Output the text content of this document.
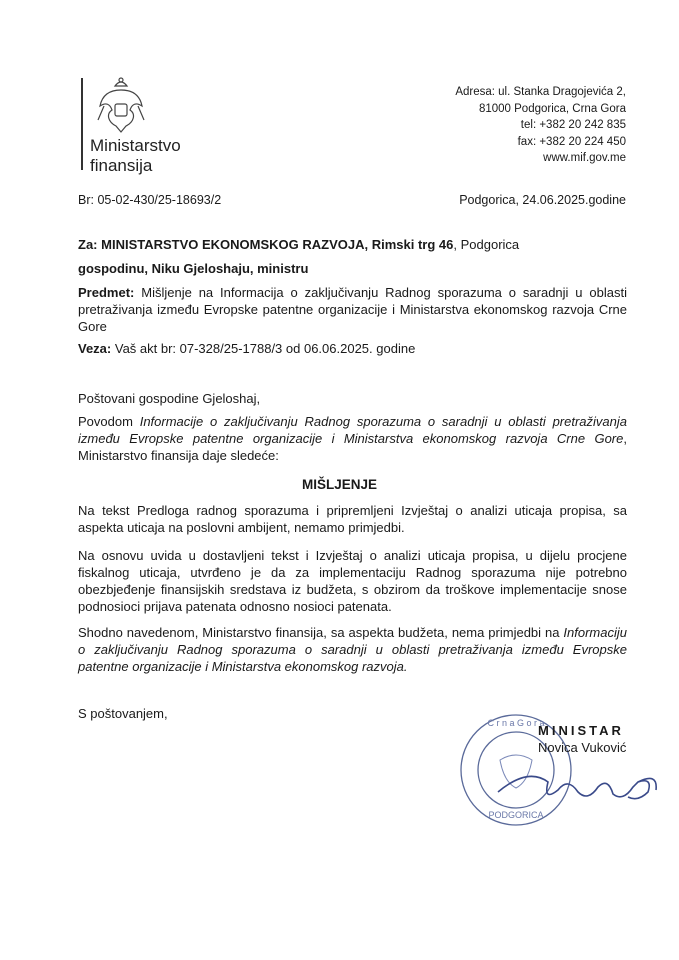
Ministarstvo
finansija
Adresa: ul. Stanka Dragojevića 2,
81000 Podgorica, Crna Gora
tel: +382 20 242 835
fax: +382 20 224 450
www.mif.gov.me
Br: 05-02-430/25-18693/2	Podgorica, 24.06.2025.godine
Za: MINISTARSTVO EKONOMSKOG RAZVOJA, Rimski trg 46, Podgorica
gospodinu, Niku Gjeloshaju, ministru
Predmet: Mišljenje na Informacija o zaključivanju Radnog sporazuma o saradnji u oblasti pretraživanja između Evropske patentne organizacije i Ministarstva ekonomskog razvoja Crne Gore
Veza: Vaš akt br: 07-328/25-1788/3 od 06.06.2025. godine
Poštovani gospodine Gjeloshaj,
Povodom Informacije o zaključivanju Radnog sporazuma o saradnji u oblasti pretraživanja između Evropske patentne organizacije i Ministarstva ekonomskog razvoja Crne Gore, Ministarstvo finansija daje sledeće:
MIŠLJENJE
Na tekst Predloga radnog sporazuma i pripremljeni Izvještaj o analizi uticaja propisa, sa aspekta uticaja na poslovni ambijent, nemamo primjedbi.
Na osnovu uvida u dostavljeni tekst i Izvještaj o analizi uticaja propisa, u dijelu procjene fiskalnog uticaja, utvrđeno je da za implementaciju Radnog sporazuma nije potrebno obezbjeđenje finansijskih sredstava iz budžeta, s obzirom da troškove implementacije snose podnosioci prijava patenata odnosno nosioci patenata.
Shodno navedenom, Ministarstvo finansija, sa aspekta budžeta, nema primjedbi na Informaciju o zaključivanju Radnog sporazuma o saradnji u oblasti pretraživanja između Evropske patentne organizacije i Ministarstva ekonomskog razvoja.
S poštovanjem,
C r n a G o r a
PODGORICA
MINISTAR
Novica Vuković
